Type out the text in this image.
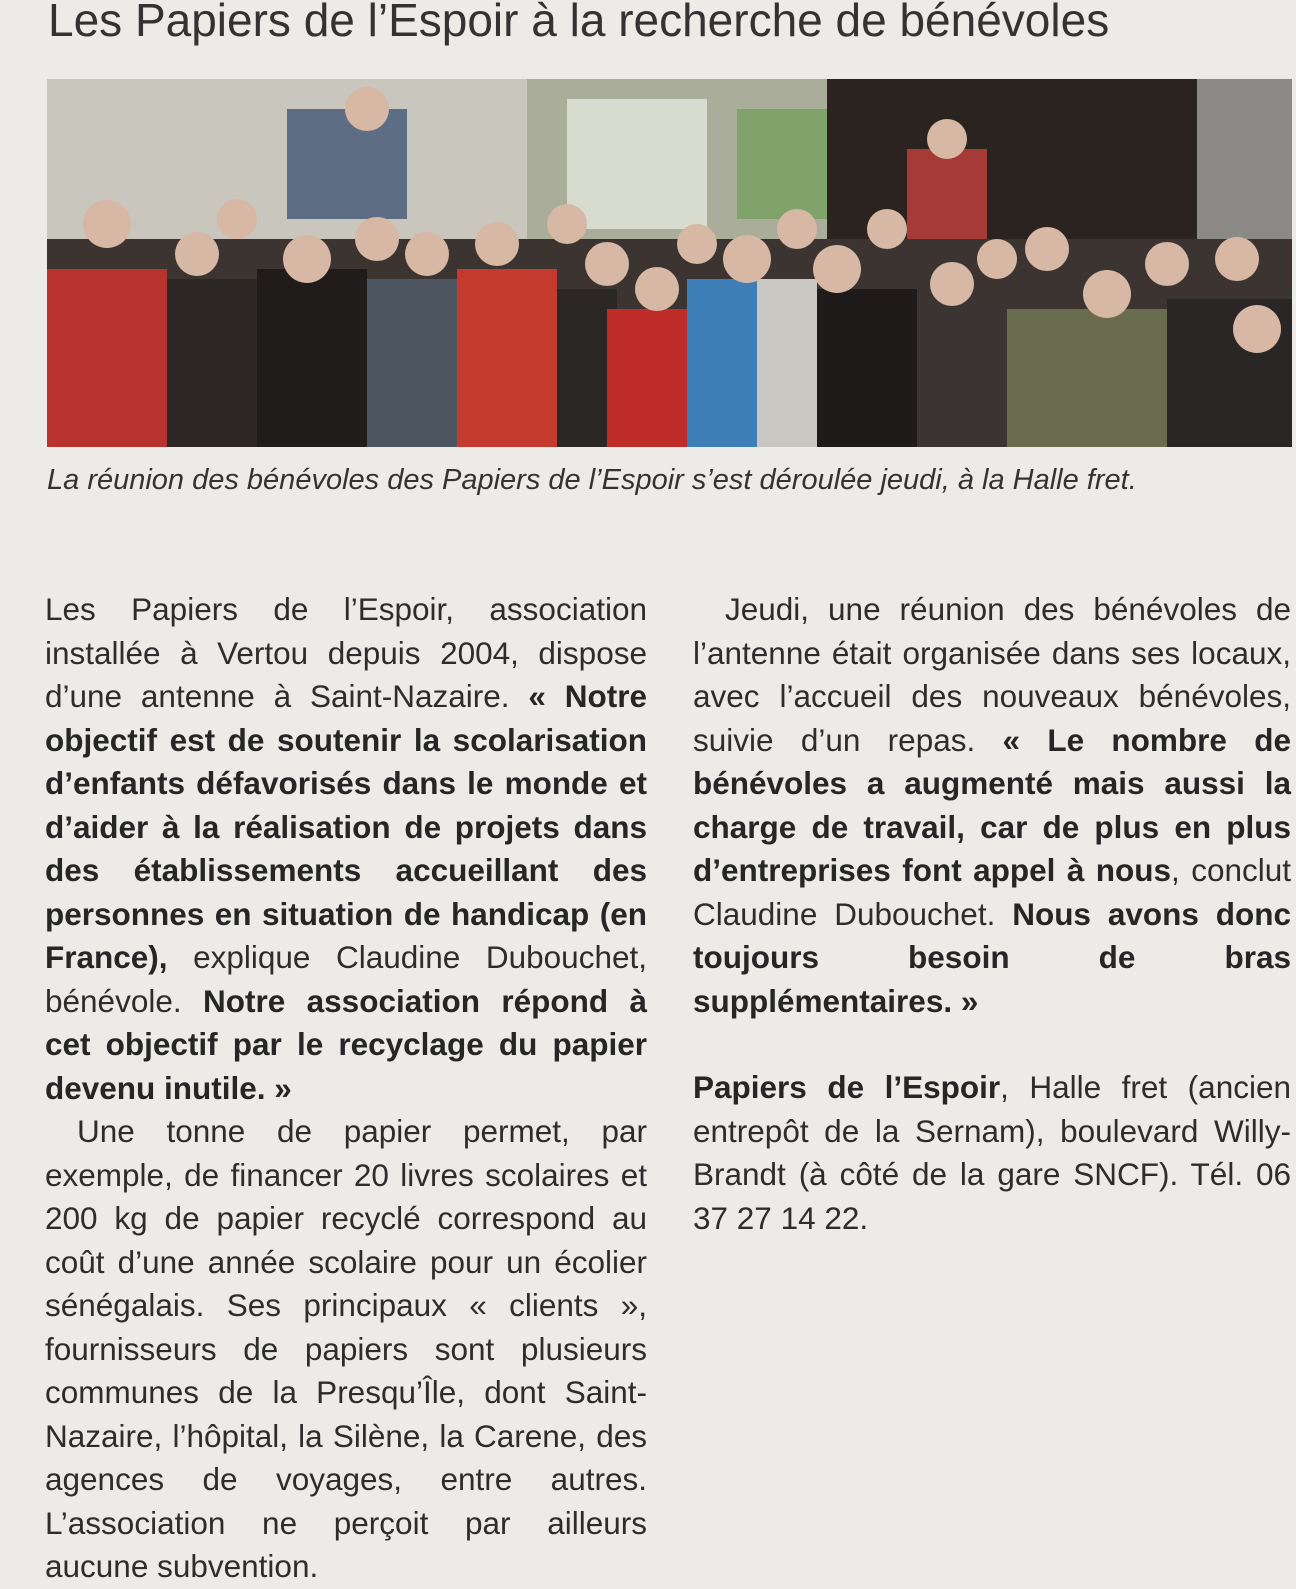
Les Papiers de l’Espoir à la recherche de bénévoles
La réunion des bénévoles des Papiers de l’Espoir s’est déroulée jeudi, à la Halle fret.

Les Papiers de l’Espoir, association installée à Vertou depuis 2004, dispose d’une antenne à Saint-Nazaire. « Notre objectif est de soutenir la scolarisation d’enfants défavorisés dans le monde et d’aider à la réalisation de projets dans des établissements accueillant des personnes en situation de handicap (en France), explique Claudine Dubouchet, bénévole. Notre association répond à cet objectif par le recyclage du papier devenu inutile. »

Une tonne de papier permet, par exemple, de financer 20 livres scolaires et 200 kg de papier recyclé correspond au coût d’une année scolaire pour un écolier sénégalais. Ses principaux « clients », fournisseurs de papiers sont plusieurs communes de la Presqu’Île, dont Saint-Nazaire, l’hôpital, la Silène, la Carene, des agences de voyages, entre autres. L’association ne perçoit par ailleurs aucune subvention.

Jeudi, une réunion des bénévoles de l’antenne était organisée dans ses locaux, avec l’accueil des nouveaux bénévoles, suivie d’un repas. « Le nombre de bénévoles a augmenté mais aussi la charge de travail, car de plus en plus d’entreprises font appel à nous, conclut Claudine Dubouchet. Nous avons donc toujours besoin de bras supplémentaires. »

Papiers de l’Espoir, Halle fret (ancien entrepôt de la Sernam), boulevard Willy-Brandt (à côté de la gare SNCF). Tél. 06 37 27 14 22.
